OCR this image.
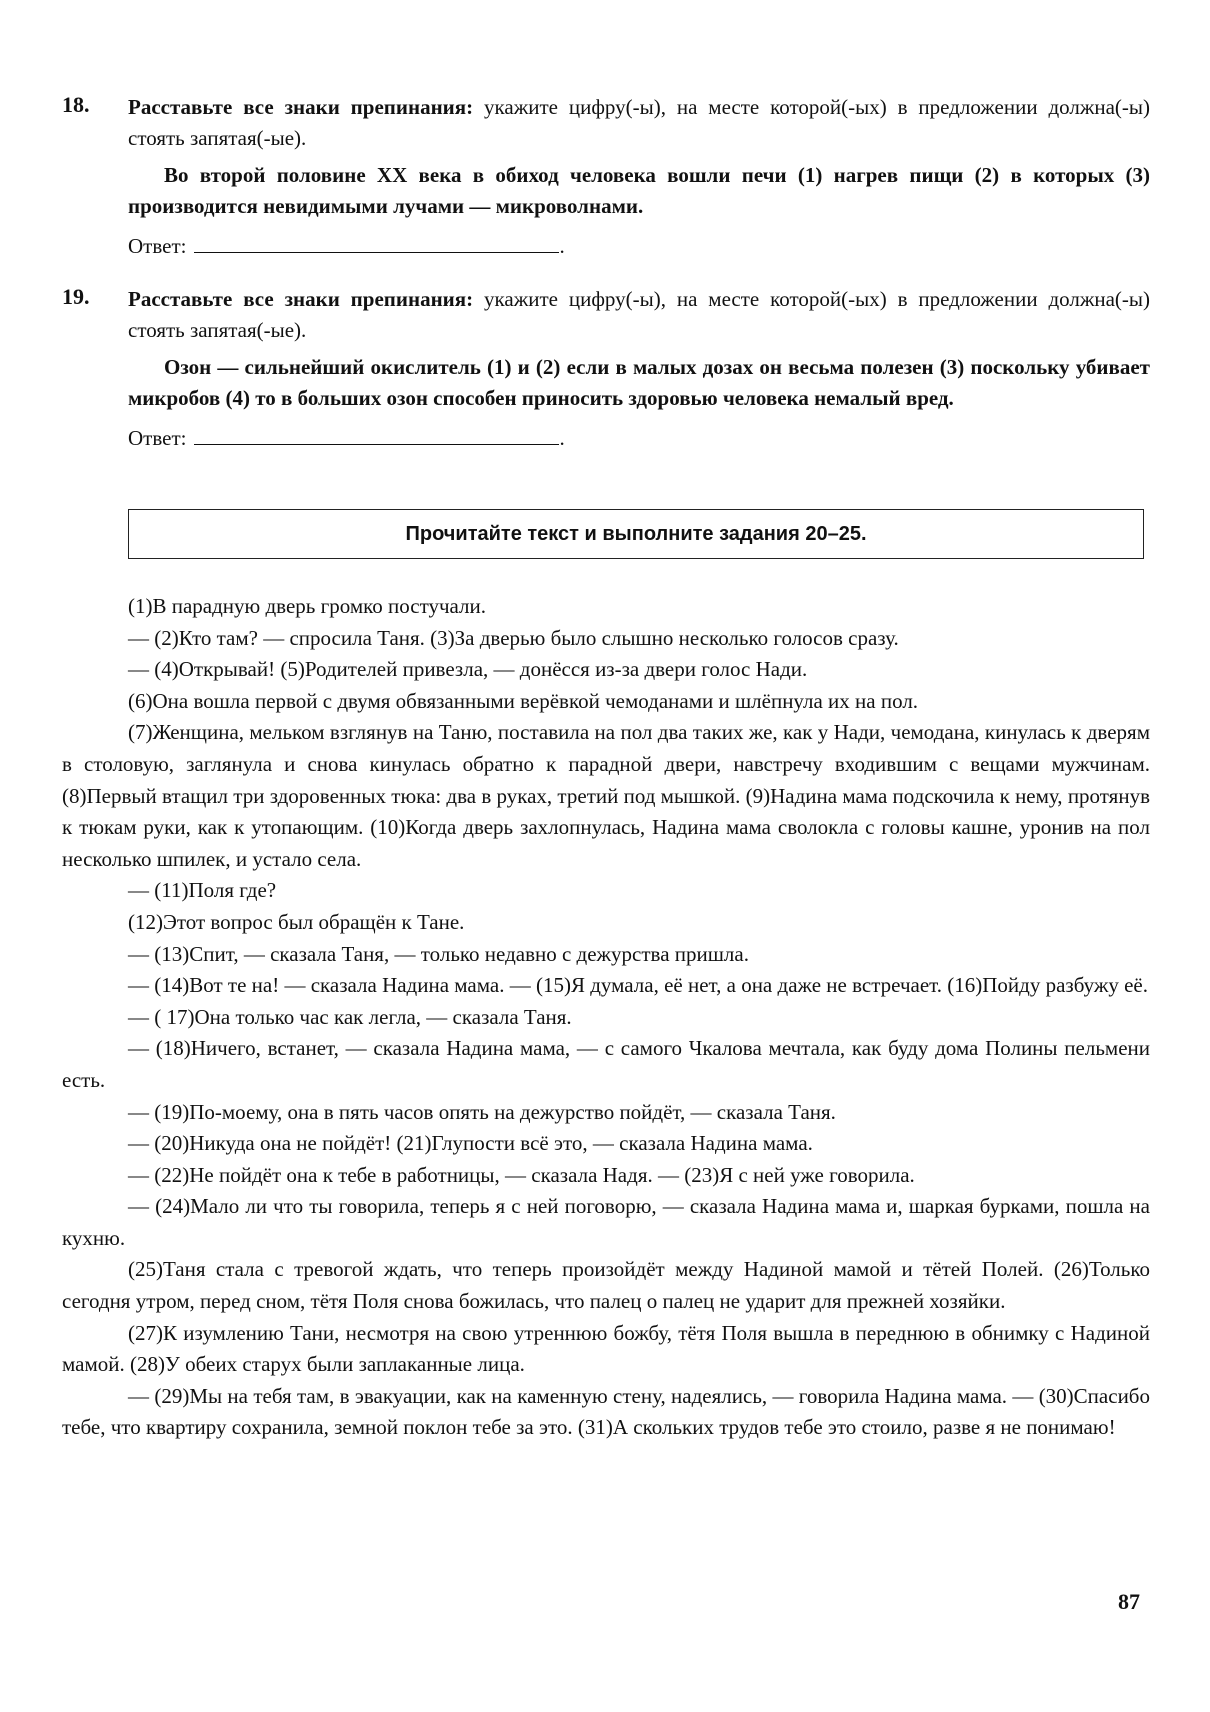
18. Расставьте все знаки препинания: укажите цифру(-ы), на месте которой(-ых) в предложении должна(-ы) стоять запятая(-ые).
Во второй половине XX века в обиход человека вошли печи (1) нагрев пищи (2) в которых (3) производится невидимыми лучами — микроволнами.
Ответ:	.
19. Расставьте все знаки препинания: укажите цифру(-ы), на месте которой(-ых) в предложении должна(-ы) стоять запятая(-ые).
Озон — сильнейший окислитель (1) и (2) если в малых дозах он весьма полезен (3) поскольку убивает микробов (4) то в больших озон способен приносить здоровью человека немалый вред.
Ответ:	.
Прочитайте текст и выполните задания 20–25.

(1)В парадную дверь громко постучали.

— (2)Кто там? — спросила Таня. (3)За дверью было слышно несколько голосов сразу.

— (4)Открывай! (5)Родителей привезла, — донёсся из-за двери голос Нади.

(6)Она вошла первой с двумя обвязанными верёвкой чемоданами и шлёпнула их на пол.

(7)Женщина, мельком взглянув на Таню, поставила на пол два таких же, как у Нади, чемодана, кинулась к дверям в столовую, заглянула и снова кинулась обратно к парадной двери, навстречу входившим с вещами мужчинам. (8)Первый втащил три здоровенных тюка: два в руках, третий под мышкой. (9)Надина мама подскочила к нему, протянув к тюкам руки, как к утопающим. (10)Когда дверь захлопнулась, Надина мама сволокла с головы кашне, уронив на пол несколько шпилек, и устало села.

— (11)Поля где?

(12)Этот вопрос был обращён к Тане.

— (13)Спит, — сказала Таня, — только недавно с дежурства пришла.

— (14)Вот те на! — сказала Надина мама. — (15)Я думала, её нет, а она даже не встречает. (16)Пойду разбужу её.

— ( 17)Она только час как легла, — сказала Таня.

— (18)Ничего, встанет, — сказала Надина мама, — с самого Чкалова мечтала, как буду дома Полины пельмени есть.

— (19)По-моему, она в пять часов опять на дежурство пойдёт, — сказала Таня.

— (20)Никуда она не пойдёт! (21)Глупости всё это, — сказала Надина мама.

— (22)Не пойдёт она к тебе в работницы, — сказала Надя. — (23)Я с ней уже говорила.

— (24)Мало ли что ты говорила, теперь я с ней поговорю, — сказала Надина мама и, шаркая бурками, пошла на кухню.

(25)Таня стала с тревогой ждать, что теперь произойдёт между Надиной мамой и тётей Полей. (26)Только сегодня утром, перед сном, тётя Поля снова божилась, что палец о палец не ударит для прежней хозяйки.

(27)К изумлению Тани, несмотря на свою утреннюю божбу, тётя Поля вышла в переднюю в обнимку с Надиной мамой. (28)У обеих старух были заплаканные лица.

— (29)Мы на тебя там, в эвакуации, как на каменную стену, надеялись, — говорила Надина мама. — (30)Спасибо тебе, что квартиру сохранила, земной поклон тебе за это. (31)А скольких трудов тебе это стоило, разве я не понимаю!

87
